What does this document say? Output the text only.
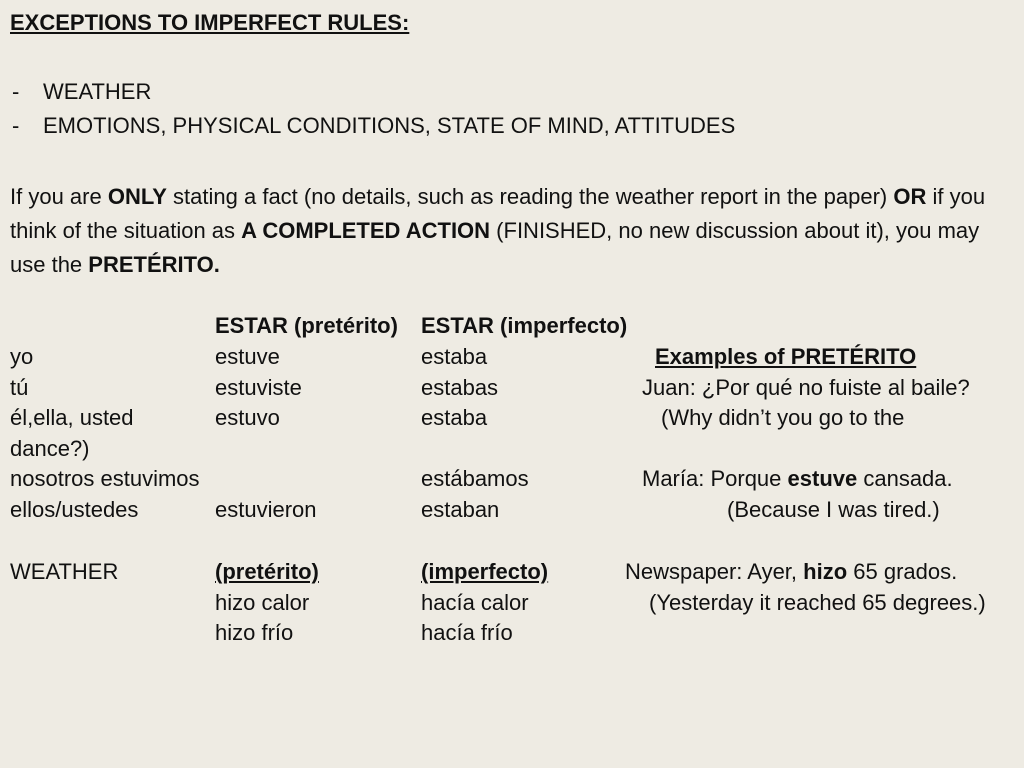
EXCEPTIONS TO IMPERFECT RULES:
- WEATHER
- EMOTIONS, PHYSICAL CONDITIONS, STATE OF MIND, ATTITUDES
If you are ONLY stating a fact (no details, such as reading the weather report in the paper) OR if you think of the situation as A COMPLETED ACTION (FINISHED, no new discussion about it), you may use the PRETÉRITO.
ESTAR (pretérito) ESTAR (imperfecto)
yo	estuve	estaba
tú	estuviste	estabas
él,ella, usted	estuvo	estaba
nosotros estuvimos	estábamos
ellos/ustedes	estuvieron	estaban
Examples of PRETÉRITO
Juan: ¿Por qué no fuiste al baile?
(Why didn’t you go to the
dance?)
María: Porque estuve cansada.
(Because I was tired.)
WEATHER	(pretérito)	(imperfecto)	Newspaper: Ayer, hizo 65 grados.
hizo calor	hacía calor	(Yesterday it reached 65 degrees.)
hizo frío	hacía frío
